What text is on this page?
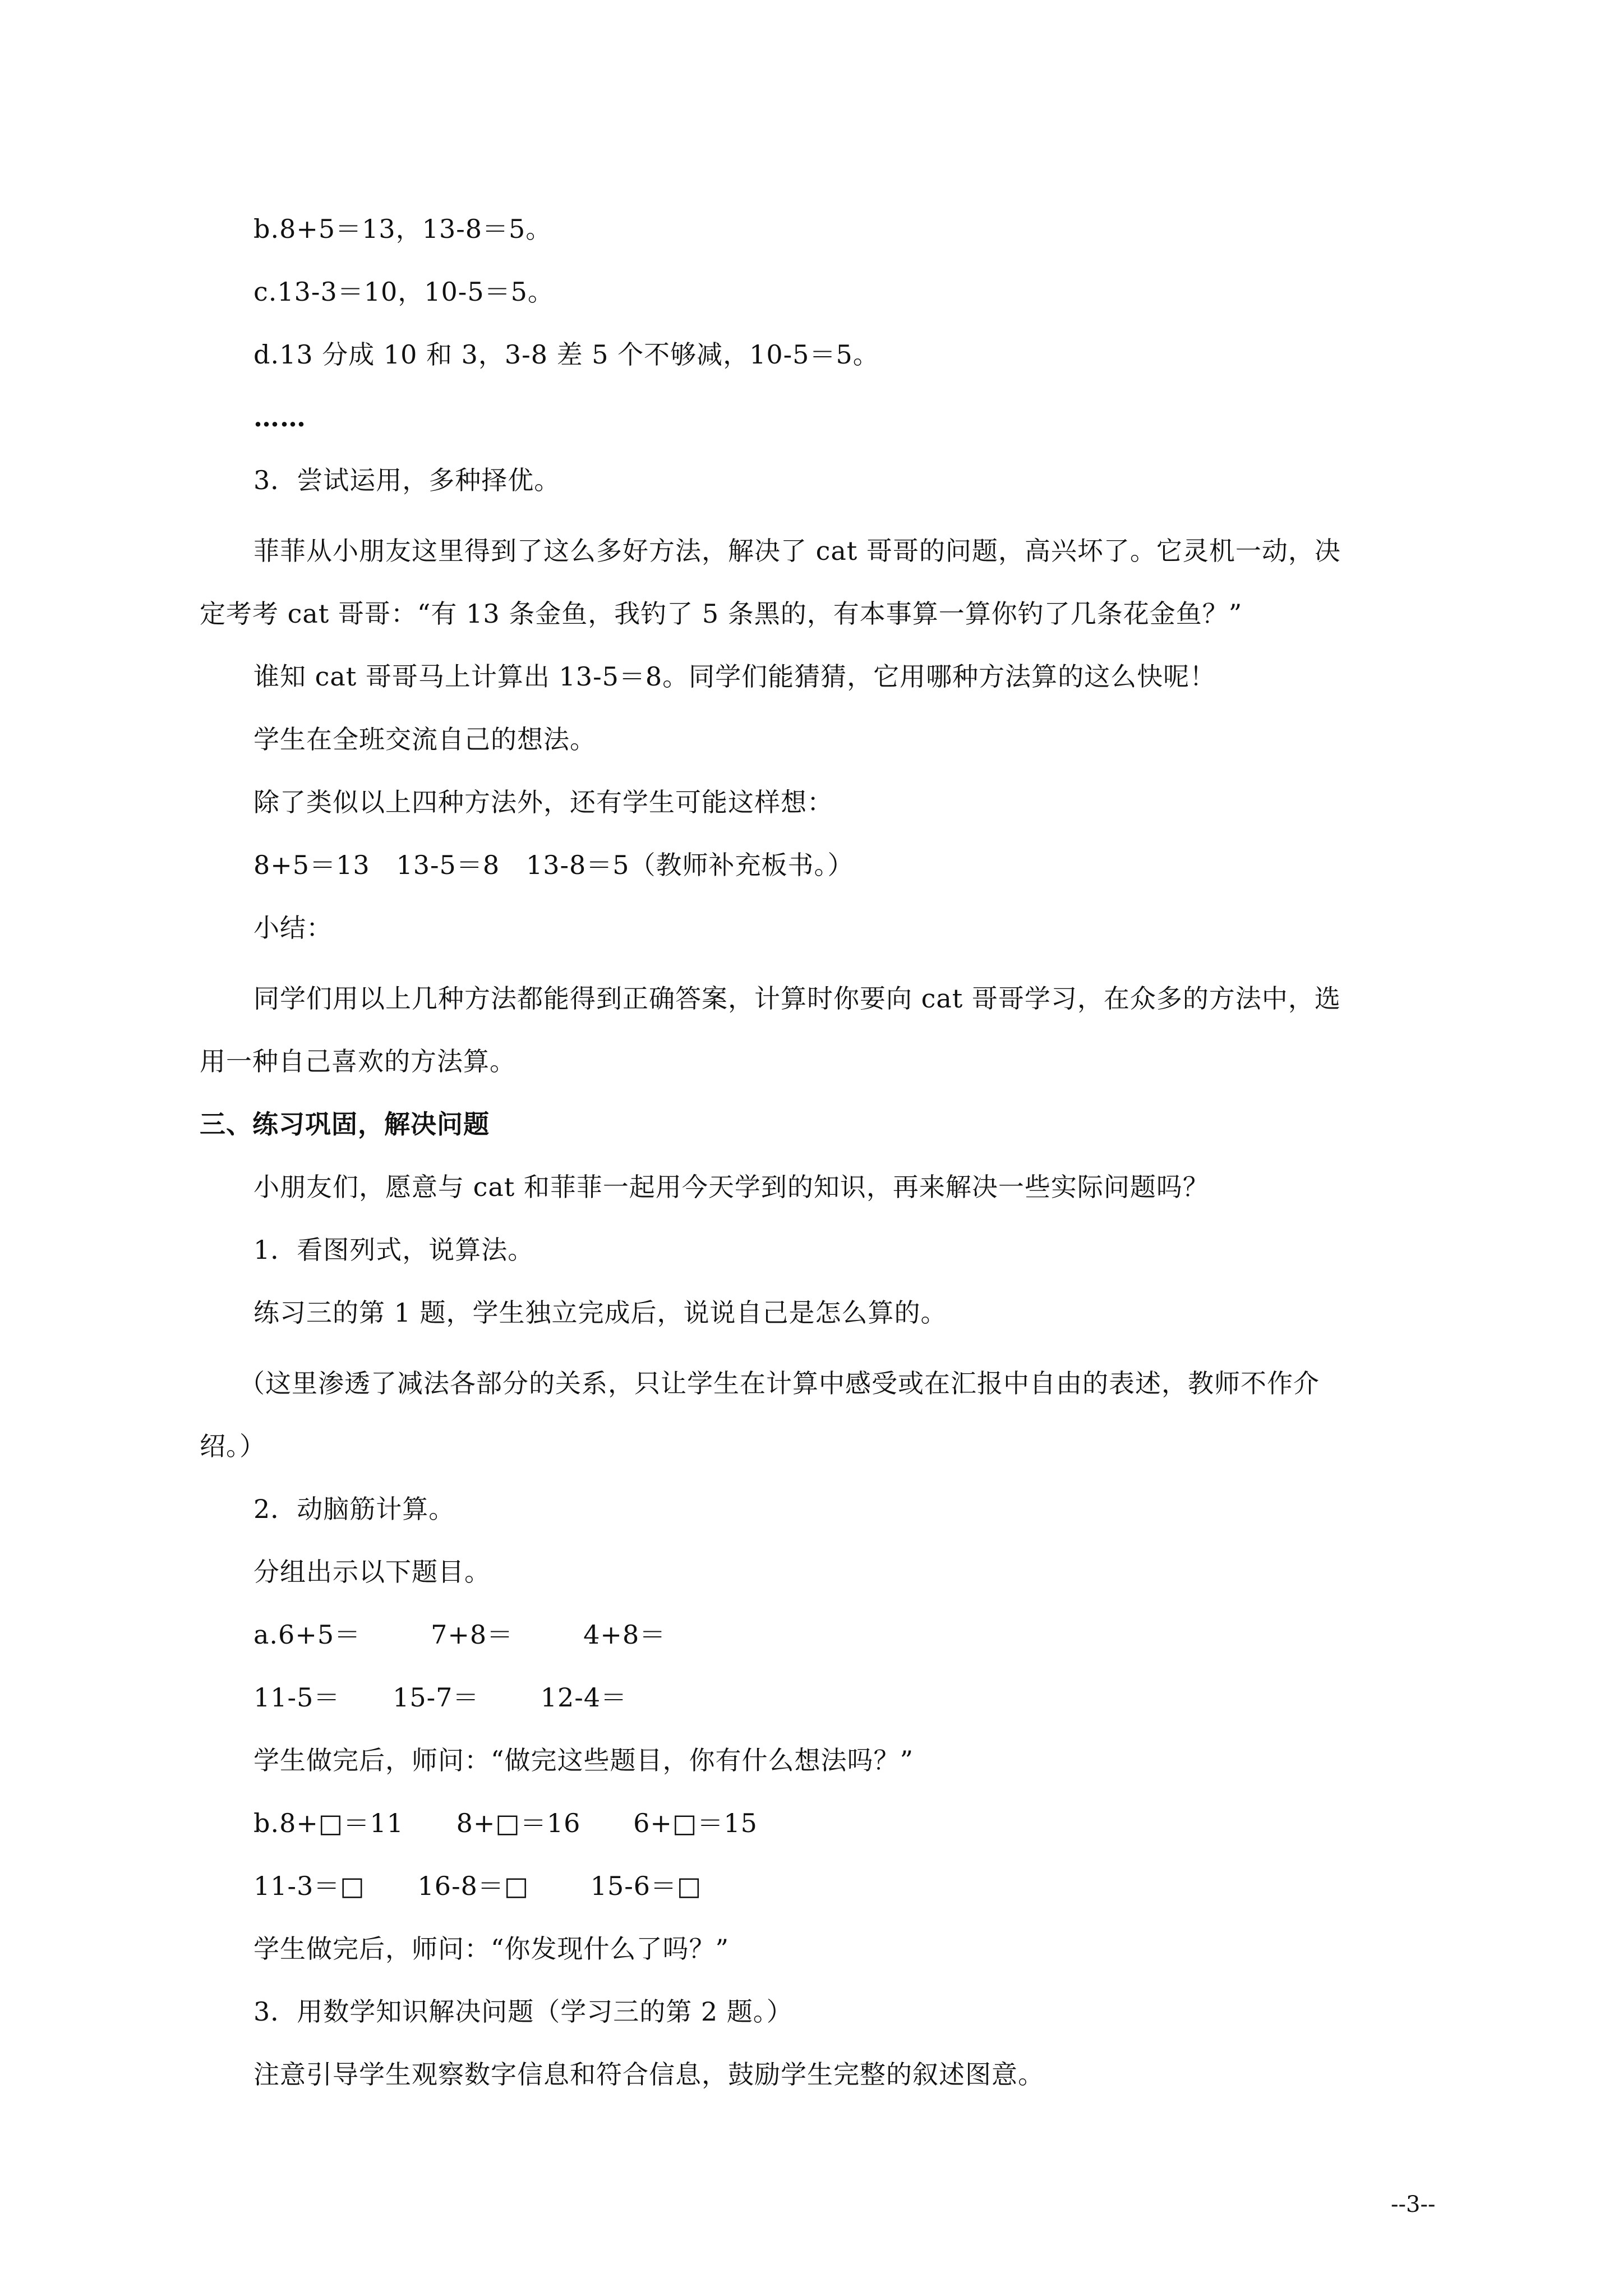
b.8+5＝13，13-8＝5。
c.13-3＝10，10-5＝5。
d.13 分成 10 和 3，3-8 差 5 个不够减，10-5＝5。
……
3．尝试运用，多种择优。
菲菲从小朋友这里得到了这么多好方法，解决了 cat 哥哥的问题，高兴坏了。它灵机一动，决
定考考 cat 哥哥：“有 13 条金鱼，我钓了 5 条黑的，有本事算一算你钓了几条花金鱼？”
谁知 cat 哥哥马上计算出 13-5＝8。同学们能猜猜，它用哪种方法算的这么快呢！
学生在全班交流自己的想法。
除了类似以上四种方法外，还有学生可能这样想：
8+5＝13   13-5＝8   13-8＝5（教师补充板书。）
小结：
同学们用以上几种方法都能得到正确答案，计算时你要向 cat 哥哥学习，在众多的方法中，选
用一种自己喜欢的方法算。
三、练习巩固，解决问题
小朋友们，愿意与 cat 和菲菲一起用今天学到的知识，再来解决一些实际问题吗？
1．看图列式，说算法。
练习三的第 1 题，学生独立完成后，说说自己是怎么算的。
（这里渗透了减法各部分的关系，只让学生在计算中感受或在汇报中自由的表述，教师不作介
绍。）
2．动脑筋计算。
分组出示以下题目。
a.6+5＝        7+8＝        4+8＝
11-5＝      15-7＝       12-4＝
学生做完后，师问：“做完这些题目，你有什么想法吗？”
b.8+□＝11      8+□＝16      6+□＝15
11-3＝□      16-8＝□       15-6＝□
学生做完后，师问：“你发现什么了吗？”
3．用数学知识解决问题（学习三的第 2 题。）
注意引导学生观察数字信息和符合信息，鼓励学生完整的叙述图意。
--3--
